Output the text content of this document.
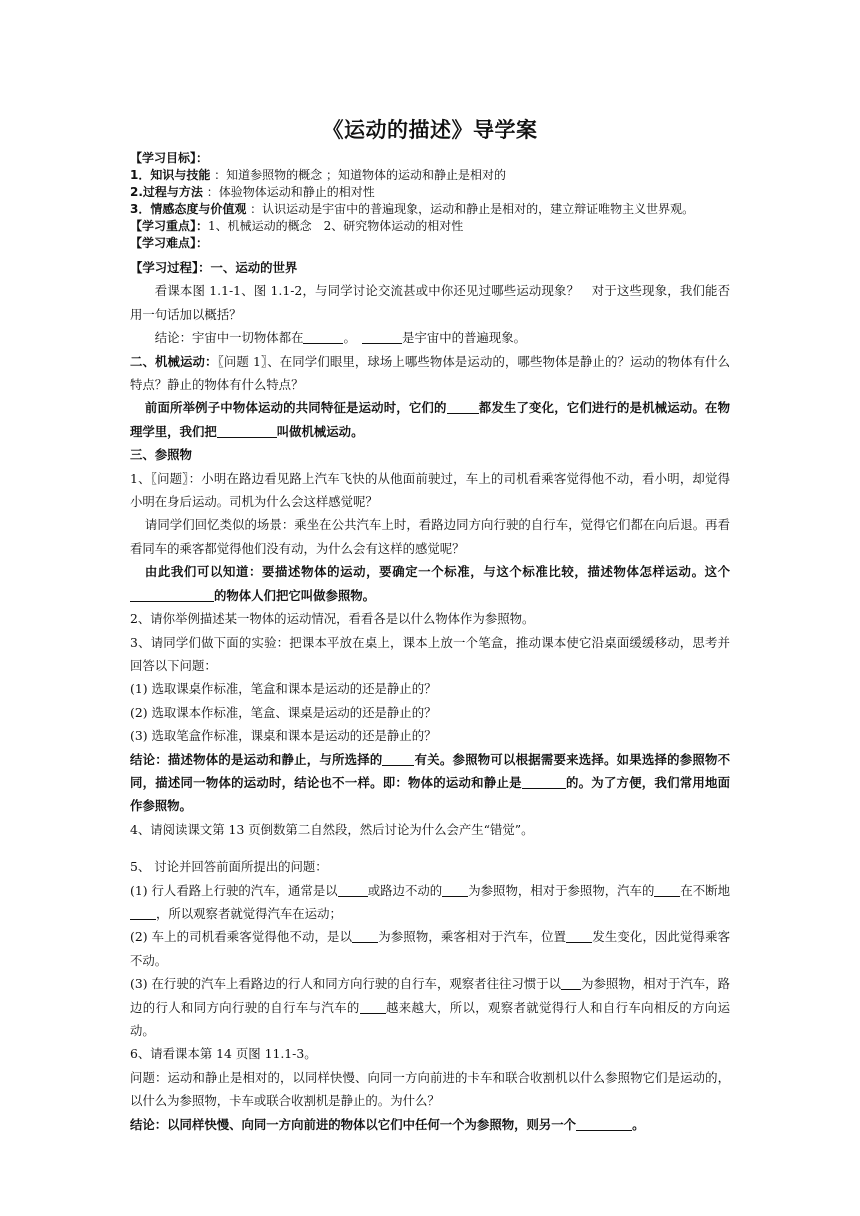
《运动的描述》导学案
【学习目标】：
1．知识与技能 ：知道参照物的概念 ；知道物体的运动和静止是相对的
2.过程与方法 ：体验物体运动和静止的相对性
3．情感态度与价值观 ：认识运动是宇宙中的普遍现象，运动和静止是相对的，建立辩证唯物主义世界观。
【学习重点】：1、机械运动的概念　2、研究物体运动的相对性
【学习难点】：
【学习过程】：一、运动的世界
看课本图 1.1-1、图 1.1-2，与同学讨论交流甚或中你还见过哪些运动现象？　对于这些现象，我们能否用一句话加以概括？
结论：宇宙中一切物体都在	。　	是宇宙中的普遍现象。
二、机械运动：〖问题 1〗、在同学们眼里，球场上哪些物体是运动的，哪些物体是静止的？运动的物体有什么特点？静止的物体有什么特点？
前面所举例子中物体运动的共同特征是运动时，它们的	都发生了变化，它们进行的是机械运动。在物理学里，我们把	叫做机械运动。
三、参照物
1、〖问题〗：小明在路边看见路上汽车飞快的从他面前驶过，车上的司机看乘客觉得他不动，看小明，却觉得小明在身后运动。司机为什么会这样感觉呢？
请同学们回忆类似的场景：乘坐在公共汽车上时，看路边同方向行驶的自行车，觉得它们都在向后退。再看看同车的乘客都觉得他们没有动，为什么会有这样的感觉呢？
由此我们可以知道：要描述物体的运动，要确定一个标准，与这个标准比较，描述物体怎样运动。这个的物体人们把它叫做参照物。
2、请你举例描述某一物体的运动情况，看看各是以什么物体作为参照物。
3、请同学们做下面的实验：把课本平放在桌上，课本上放一个笔盒，推动课本使它沿桌面缓缓移动，思考并回答以下问题：
(1) 选取课桌作标准，笔盒和课本是运动的还是静止的？
(2) 选取课本作标准，笔盒、课桌是运动的还是静止的？
(3) 选取笔盒作标准，课桌和课本是运动的还是静止的？
结论：描述物体的是运动和静止，与所选择的	有关。参照物可以根据需要来选择。如果选择的参照物不同，描述同一物体的运动时，结论也不一样。即：物体的运动和静止是	的。为了方便，我们常用地面作参照物。
4、请阅读课文第 13 页倒数第二自然段，然后讨论为什么会产生“错觉”。
5、 讨论并回答前面所提出的问题：
(1) 行人看路上行驶的汽车，通常是以 或路边不动的 为参照物，相对于参照物，汽车的 在不断地，所以观察者就觉得汽车在运动；
(2) 车上的司机看乘客觉得他不动，是以 为参照物，乘客相对于汽车，位置 发生变化，因此觉得乘客不动。
(3) 在行驶的汽车上看路边的行人和同方向行驶的自行车，观察者往往习惯于以 为参照物，相对于汽车，路边的行人和同方向行驶的自行车与汽车的 越来越大，所以，观察者就觉得行人和自行车向相反的方向运动。
6、请看课本第 14 页图 11.1-3。
问题：运动和静止是相对的，以同样快慢、向同一方向前进的卡车和联合收割机以什么参照物它们是运动的，以什么为参照物，卡车或联合收割机是静止的。为什么？
结论：以同样快慢、向同一方向前进的物体以它们中任何一个为参照物，则另一个	。
